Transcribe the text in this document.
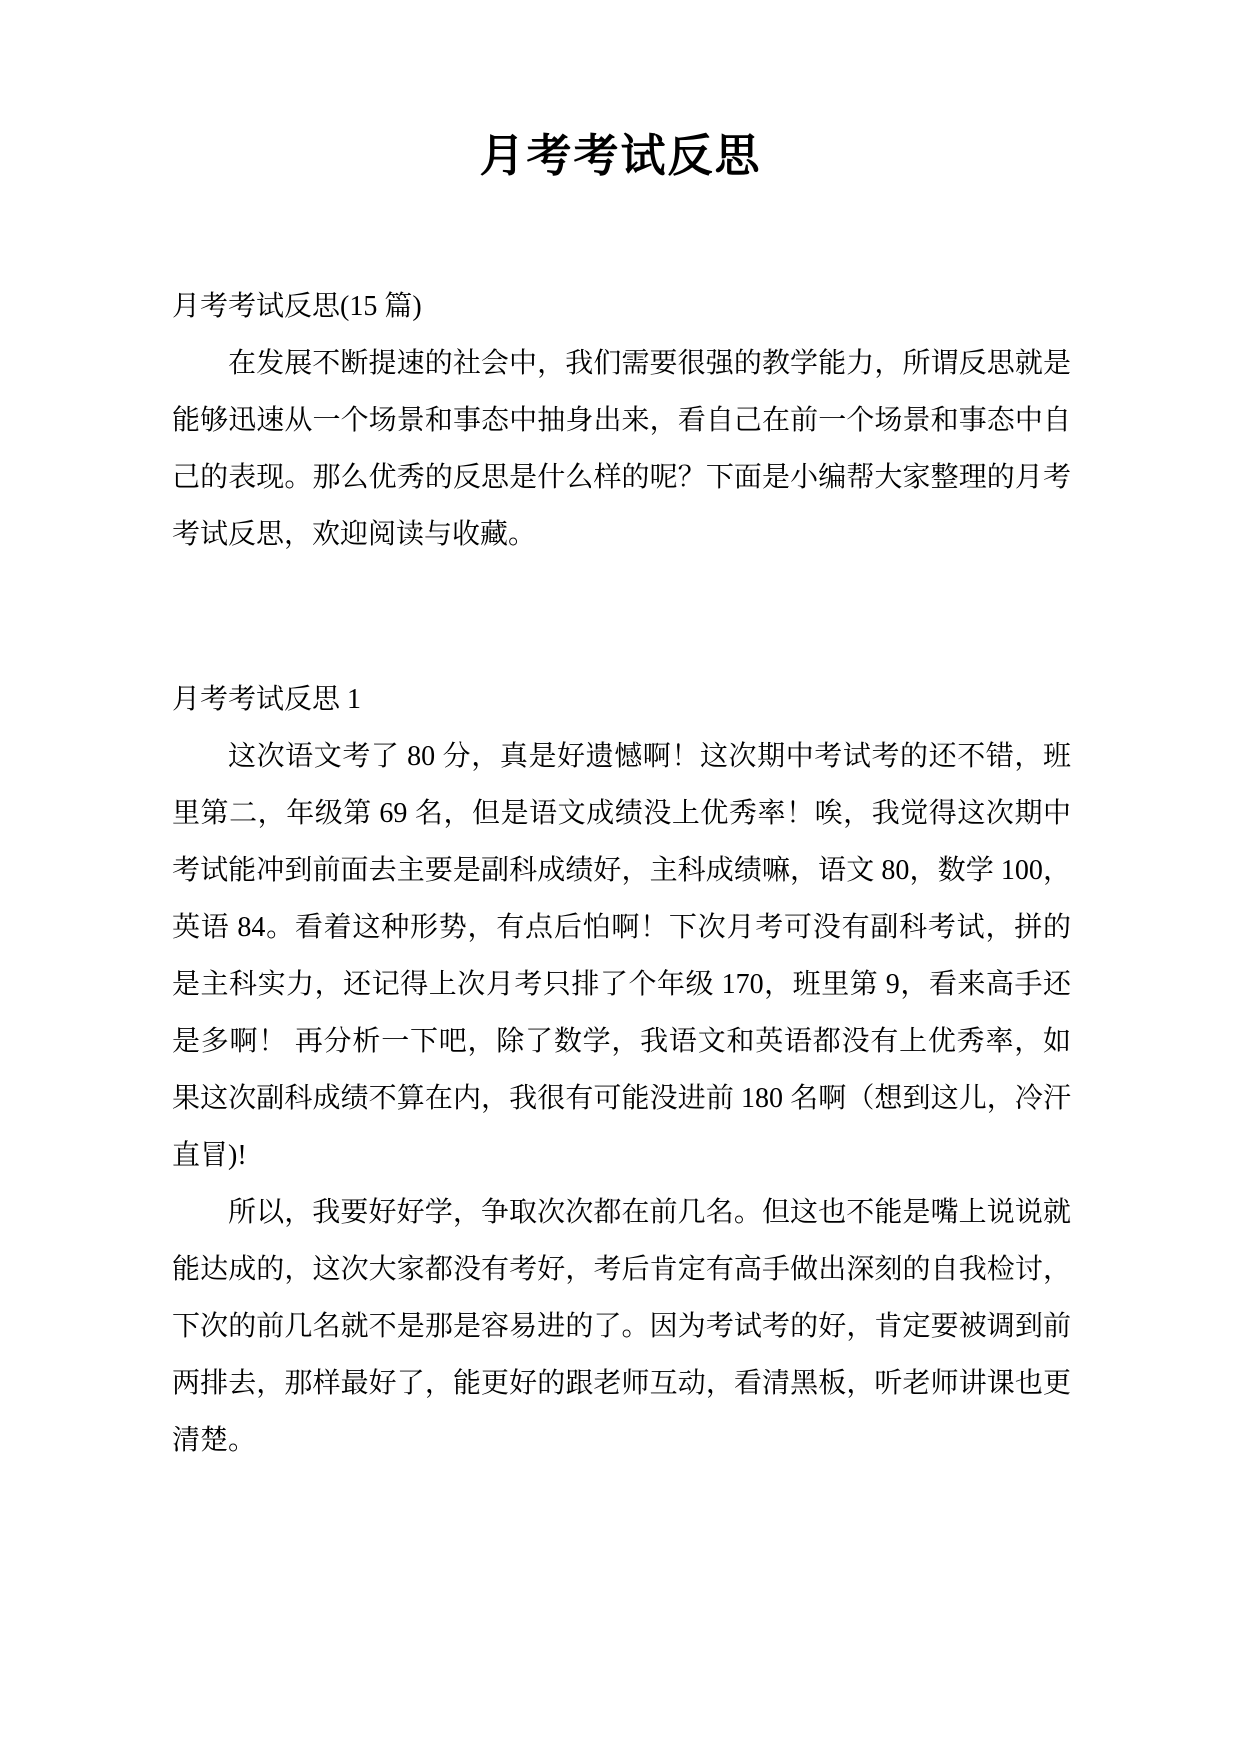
月考考试反思
月考考试反思(15 篇)

在发展不断提速的社会中，我们需要很强的教学能力，所谓反思就是能够迅速从一个场景和事态中抽身出来，看自己在前一个场景和事态中自己的表现。那么优秀的反思是什么样的呢？下面是小编帮大家整理的月考考试反思，欢迎阅读与收藏。

月考考试反思 1

这次语文考了 80 分，真是好遗憾啊！这次期中考试考的还不错，班里第二，年级第 69 名，但是语文成绩没上优秀率！唉，我觉得这次期中考试能冲到前面去主要是副科成绩好，主科成绩嘛，语文 80，数学 100，英语 84。看着这种形势，有点后怕啊！下次月考可没有副科考试，拼的是主科实力，还记得上次月考只排了个年级 170，班里第 9，看来高手还是多啊！ 再分析一下吧，除了数学，我语文和英语都没有上优秀率，如果这次副科成绩不算在内，我很有可能没进前 180 名啊（想到这儿，冷汗直冒)!

所以，我要好好学，争取次次都在前几名。但这也不能是嘴上说说就能达成的，这次大家都没有考好，考后肯定有高手做出深刻的自我检讨，下次的前几名就不是那是容易进的了。因为考试考的好，肯定要被调到前两排去，那样最好了，能更好的跟老师互动，看清黑板，听老师讲课也更清楚。
